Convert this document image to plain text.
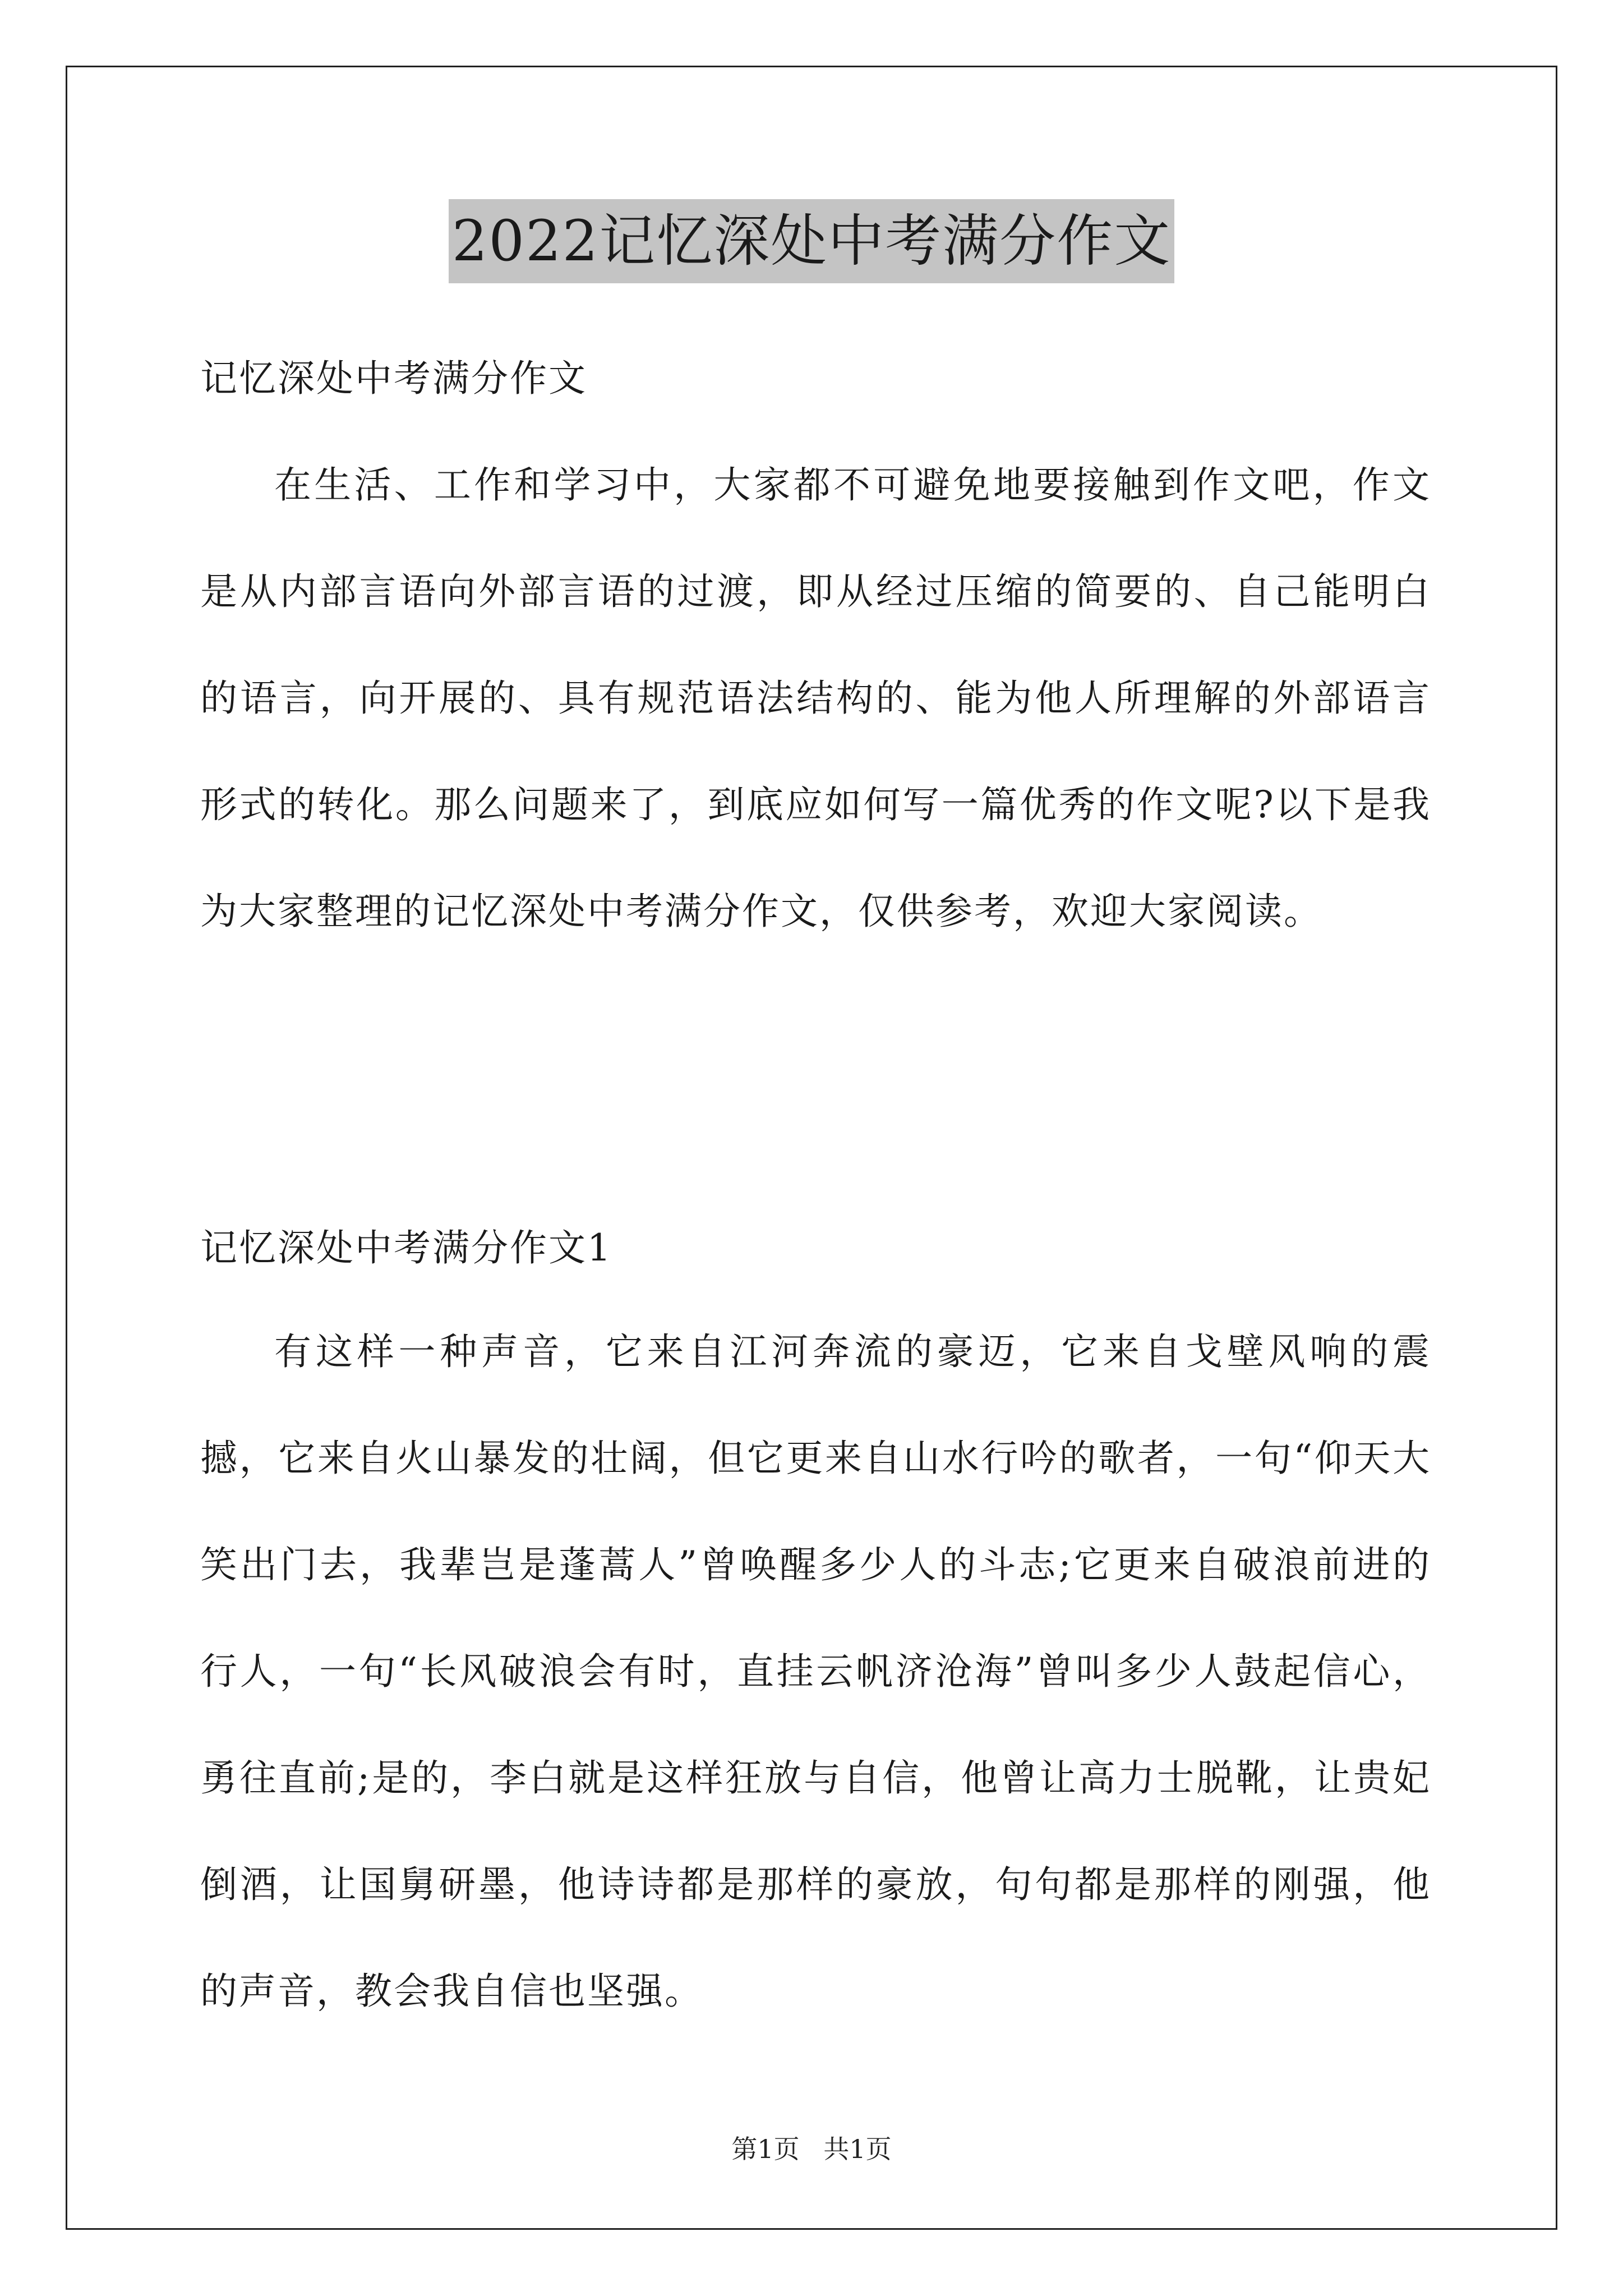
2022记忆深处中考满分作文
记忆深处中考满分作文

在生活、工作和学习中，大家都不可避免地要接触到作文吧，作文是从内部言语向外部言语的过渡，即从经过压缩的简要的、自己能明白的语言，向开展的、具有规范语法结构的、能为他人所理解的外部语言形式的转化。那么问题来了，到底应如何写一篇优秀的作文呢?以下是我为大家整理的记忆深处中考满分作文，仅供参考，欢迎大家阅读。

记忆深处中考满分作文1

有这样一种声音，它来自江河奔流的豪迈，它来自戈壁风响的震撼，它来自火山暴发的壮阔，但它更来自山水行吟的歌者，一句“仰天大笑出门去，我辈岂是蓬蒿人”曾唤醒多少人的斗志;它更来自破浪前进的行人，一句“长风破浪会有时，直挂云帆济沧海”曾叫多少人鼓起信心，勇往直前;是的，李白就是这样狂放与自信，他曾让高力士脱靴，让贵妃倒酒，让国舅研墨，他诗诗都是那样的豪放，句句都是那样的刚强，他的声音，教会我自信也坚强。

第1页 共1页
